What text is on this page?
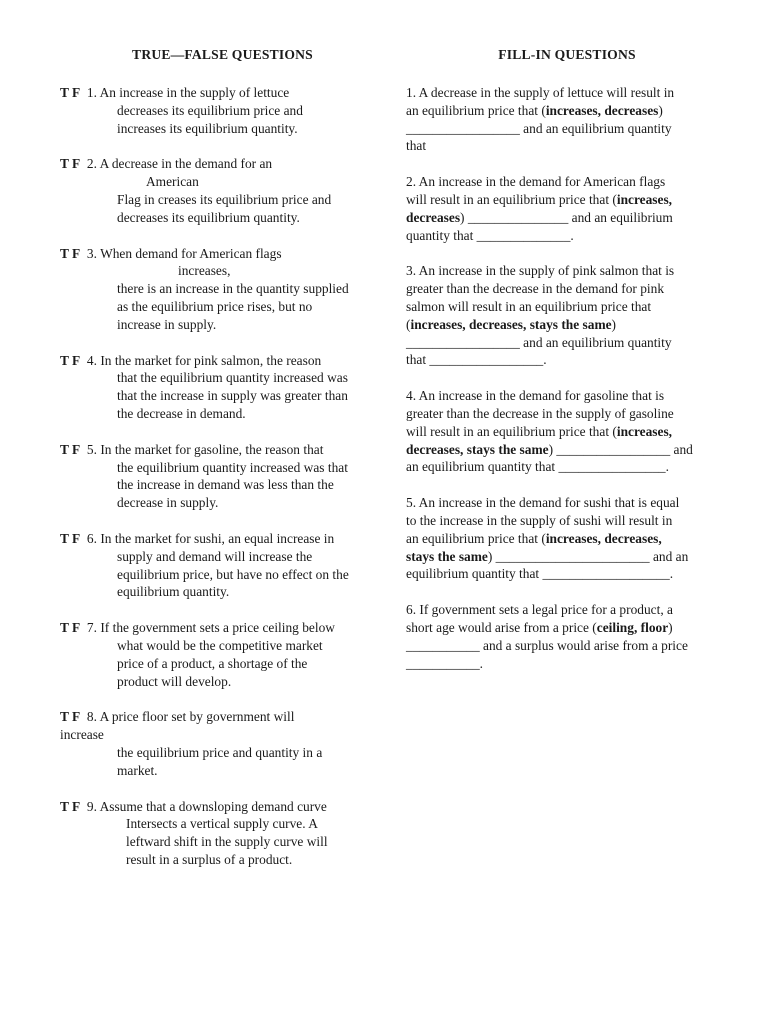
TRUE—FALSE QUESTIONS
T F 1. An increase in the supply of lettuce
decreases its equilibrium price and
increases its equilibrium quantity.
T F 2. A decrease in the demand for an
American
Flag in creases its equilibrium price and
decreases its equilibrium quantity.
T F 3. When demand for American flags
increases,
there is an increase in the quantity supplied
as the equilibrium price rises, but no
increase in supply.
T F 4. In the market for pink salmon, the reason
that the equilibrium quantity increased was
that the increase in supply was greater than
the decrease in demand.
T F 5. In the market for gasoline, the reason that
the equilibrium quantity increased was that
the increase in demand was less than the
decrease in supply.
T F 6. In the market for sushi, an equal increase in
supply and demand will increase the
equilibrium price, but have no effect on the
equilibrium quantity.
T F 7. If the government sets a price ceiling below
what would be the competitive market
price of a product, a shortage of the
product will develop.
T F 8. A price floor set by government will
increase
the equilibrium price and quantity in a
market.
T F 9. Assume that a downsloping demand curve
Intersects a vertical supply curve. A
leftward shift in the supply curve will
result in a surplus of a product.
FILL-IN QUESTIONS
1. A decrease in the supply of lettuce will result in
an equilibrium price that (increases, decreases)
_________________ and an equilibrium quantity
that
2. An increase in the demand for American flags
will result in an equilibrium price that (increases,
decreases) _______________ and an equilibrium
quantity that ______________.
3. An increase in the supply of pink salmon that is
greater than the decrease in the demand for pink
salmon will result in an equilibrium price that
(increases, decreases, stays the same)
_________________ and an equilibrium quantity
that _________________.
4. An increase in the demand for gasoline that is
greater than the decrease in the supply of gasoline
will result in an equilibrium price that (increases,
decreases, stays the same) _________________ and
an equilibrium quantity that ________________.
5. An increase in the demand for sushi that is equal
to the increase in the supply of sushi will result in
an equilibrium price that (increases, decreases,
stays the same) _______________________ and an
equilibrium quantity that ___________________.
6. If government sets a legal price for a product, a
short age would arise from a price (ceiling, floor)
___________ and a surplus would arise from a price
___________.
